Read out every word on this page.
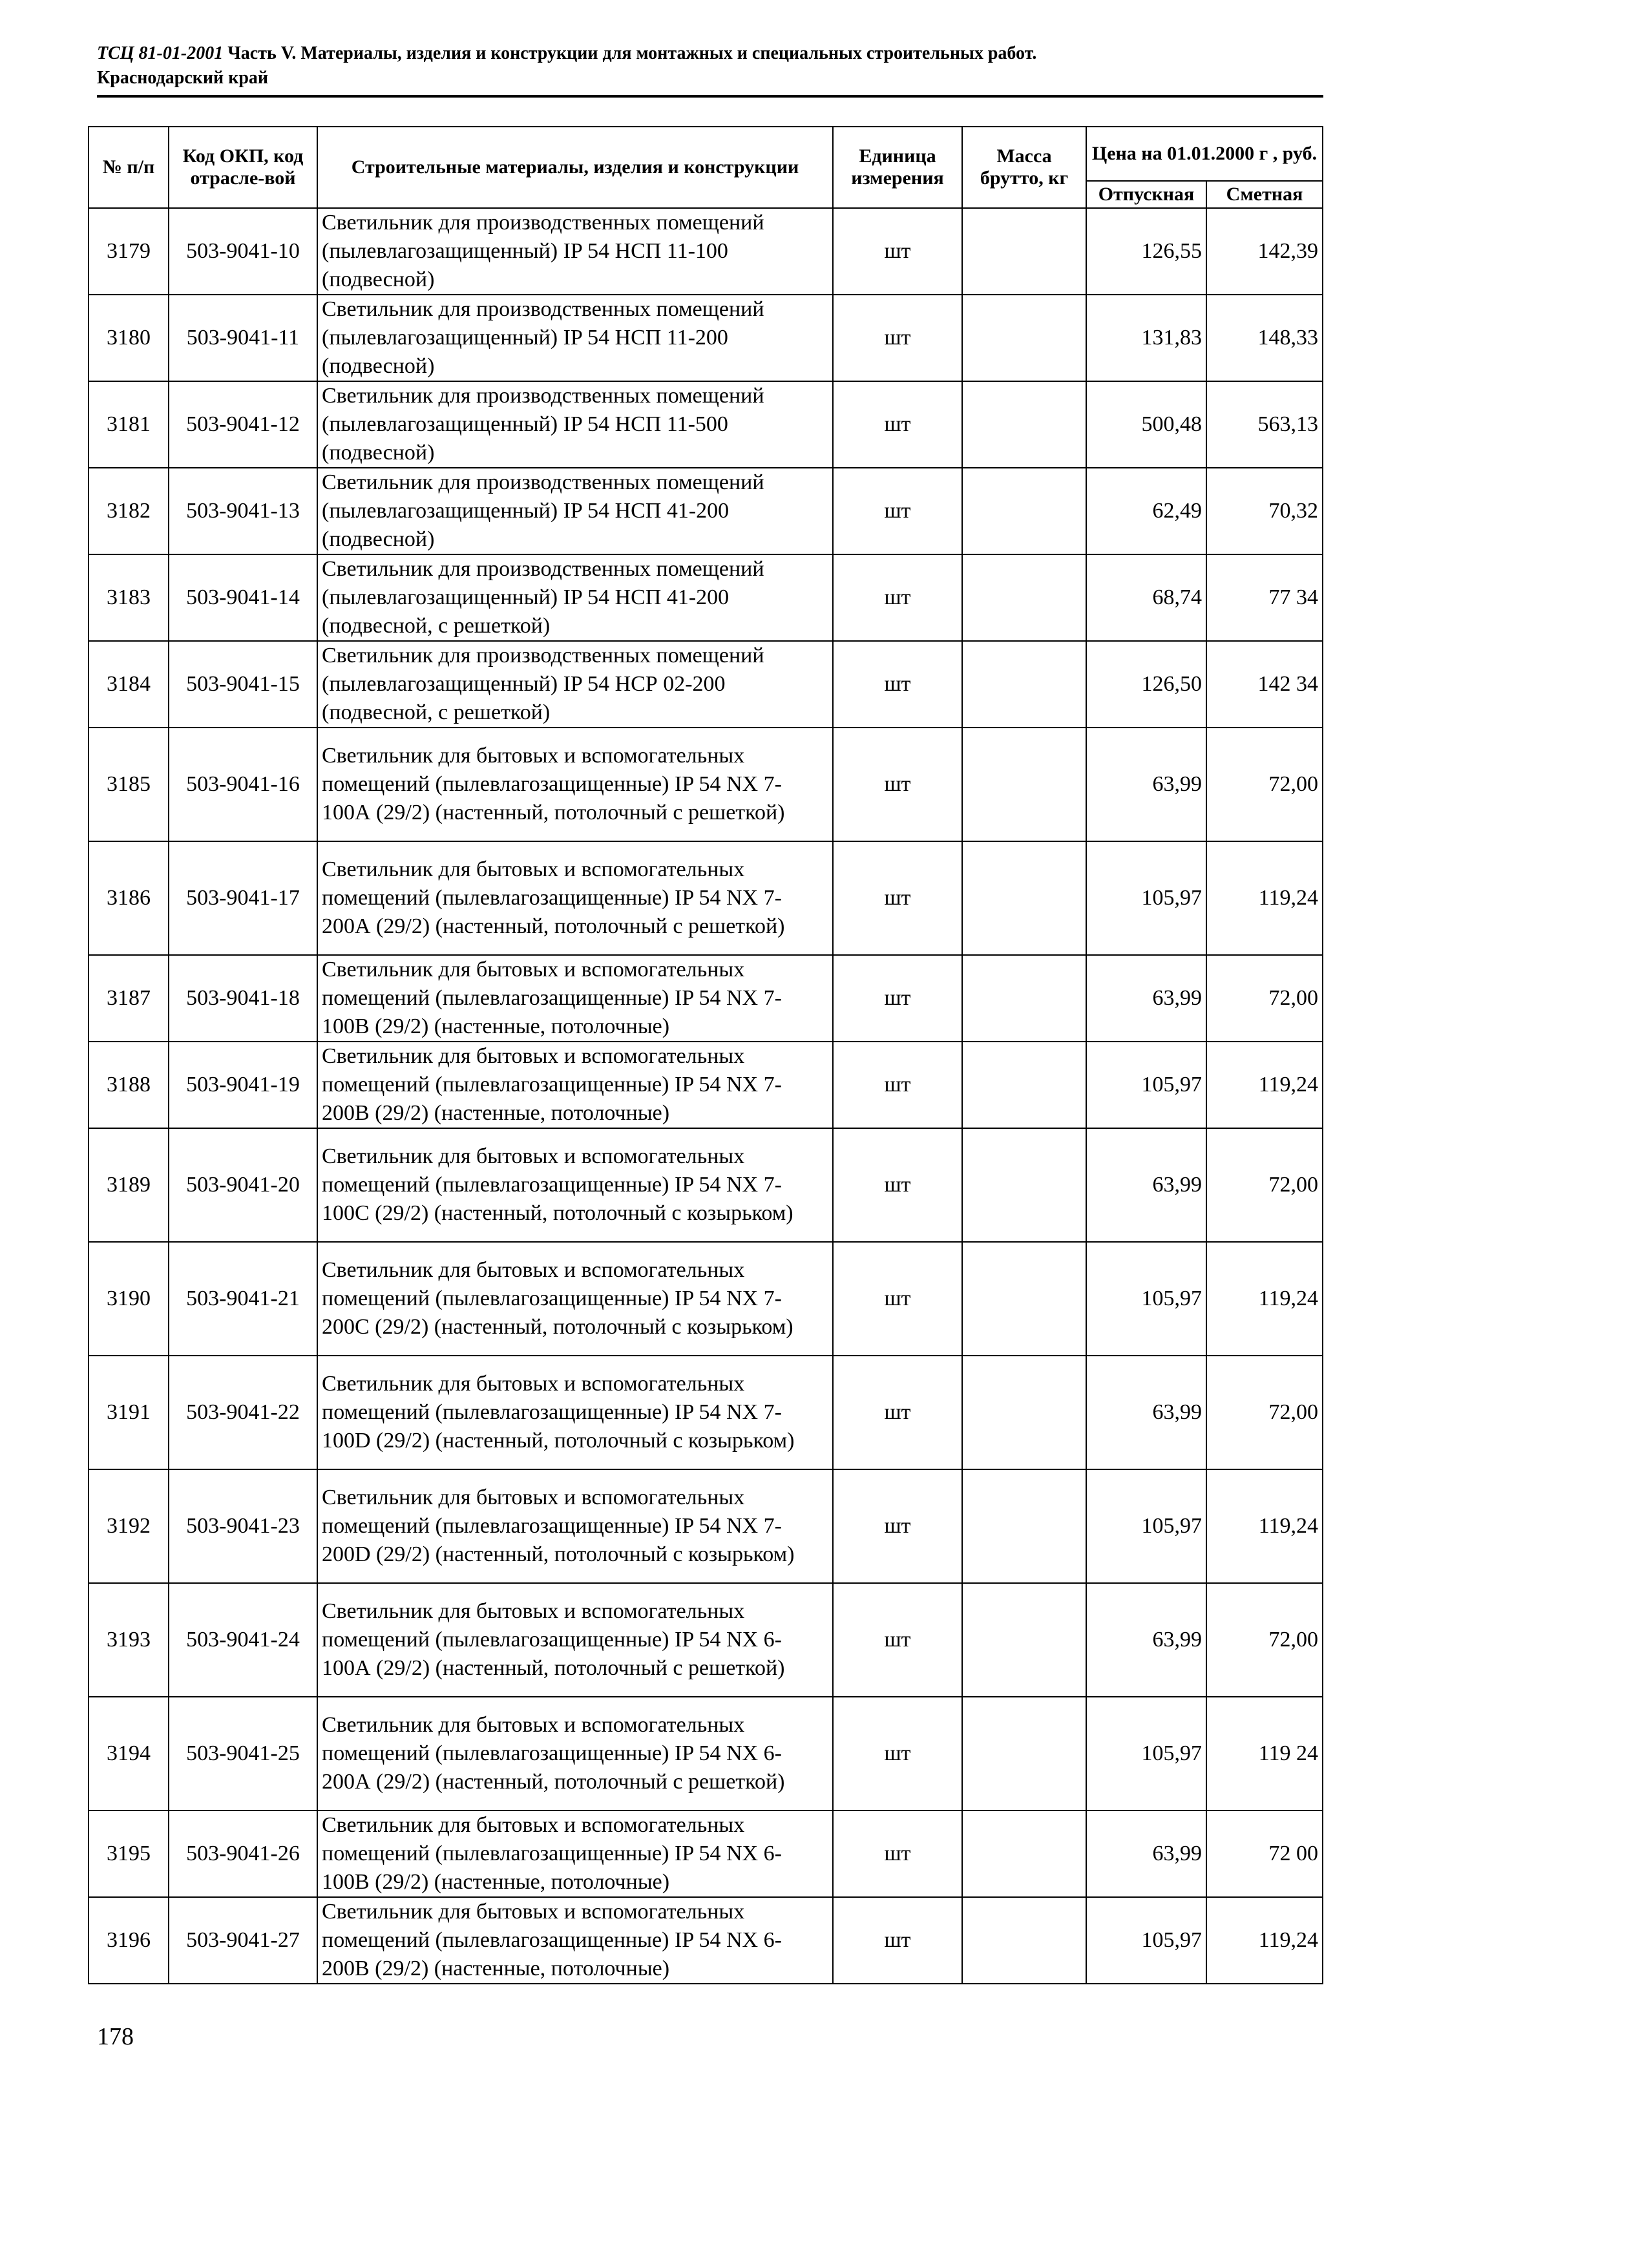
ТСЦ 81-01-2001 Часть V. Материалы, изделия и конструкции для монтажных и специальных строительных работ.
Краснодарский край
№ п/п	Код ОКП, код отрасле-вой	Строительные материалы, изделия и конструкции	Единица измерения	Масса брутто, кг	Цена на 01.01.2000 г , руб.	
					Отпускная	Сметная
3179	503-9041-10	Светильник для производственных помещений (пылевлагозащищенный) IP 54 НСП 11-100 (подвесной)	шт		126,55	142,39
3180	503-9041-11	Светильник для производственных помещений (пылевлагозащищенный) IP 54 НСП 11-200 (подвесной)	шт		131,83	148,33
3181	503-9041-12	Светильник для производственных помещений (пылевлагозащищенный) IP 54 НСП 11-500 (подвесной)	шт		500,48	563,13
3182	503-9041-13	Светильник для производственных помещений (пылевлагозащищенный) IP 54 НСП 41-200 (подвесной)	шт		62,49	70,32
3183	503-9041-14	Светильник для производственных помещений (пылевлагозащищенный) IP 54 НСП 41-200 (подвесной, с решеткой)	шт		68,74	77 34
3184	503-9041-15	Светильник для производственных помещений (пылевлагозащищенный) IP 54 НСР 02-200 (подвесной, с решеткой)	шт		126,50	142 34
3185	503-9041-16	Светильник для бытовых и вспомогательных помещений (пылевлагозащищенные) IP 54 NX 7-100А (29/2) (настенный, потолочный с решеткой)	шт		63,99	72,00
3186	503-9041-17	Светильник для бытовых и вспомогательных помещений (пылевлагозащищенные) IP 54 NX 7-200А (29/2) (настенный, потолочный с решеткой)	шт		105,97	119,24
3187	503-9041-18	Светильник для бытовых и вспомогательных помещений (пылевлагозащищенные) IP 54 NX 7-100В (29/2) (настенные, потолочные)	шт		63,99	72,00
3188	503-9041-19	Светильник для бытовых и вспомогательных помещений (пылевлагозащищенные) IP 54 NX 7-200В (29/2) (настенные, потолочные)	шт		105,97	119,24
3189	503-9041-20	Светильник для бытовых и вспомогательных помещений (пылевлагозащищенные) IP 54 NX 7-100С (29/2) (настенный, потолочный с козырьком)	шт		63,99	72,00
3190	503-9041-21	Светильник для бытовых и вспомогательных помещений (пылевлагозащищенные) IP 54 NX 7-200С (29/2) (настенный, потолочный с козырьком)	шт		105,97	119,24
3191	503-9041-22	Светильник для бытовых и вспомогательных помещений (пылевлагозащищенные) IP 54 NX 7-100D (29/2) (настенный, потолочный с козырьком)	шт		63,99	72,00
3192	503-9041-23	Светильник для бытовых и вспомогательных помещений (пылевлагозащищенные) IP 54 NX 7-200D (29/2) (настенный, потолочный с козырьком)	шт		105,97	119,24
3193	503-9041-24	Светильник для бытовых и вспомогательных помещений (пылевлагозащищенные) IP 54 NX 6-100А (29/2) (настенный, потолочный с решеткой)	шт		63,99	72,00
3194	503-9041-25	Светильник для бытовых и вспомогательных помещений (пылевлагозащищенные) IP 54 NX 6-200А (29/2) (настенный, потолочный с решеткой)	шт		105,97	119 24
3195	503-9041-26	Светильник для бытовых и вспомогательных помещений (пылевлагозащищенные) IP 54 NX 6-100В (29/2) (настенные, потолочные)	шт		63,99	72 00
3196	503-9041-27	Светильник для бытовых и вспомогательных помещений (пылевлагозащищенные) IP 54 NX 6-200В (29/2) (настенные, потолочные)	шт		105,97	119,24
178
